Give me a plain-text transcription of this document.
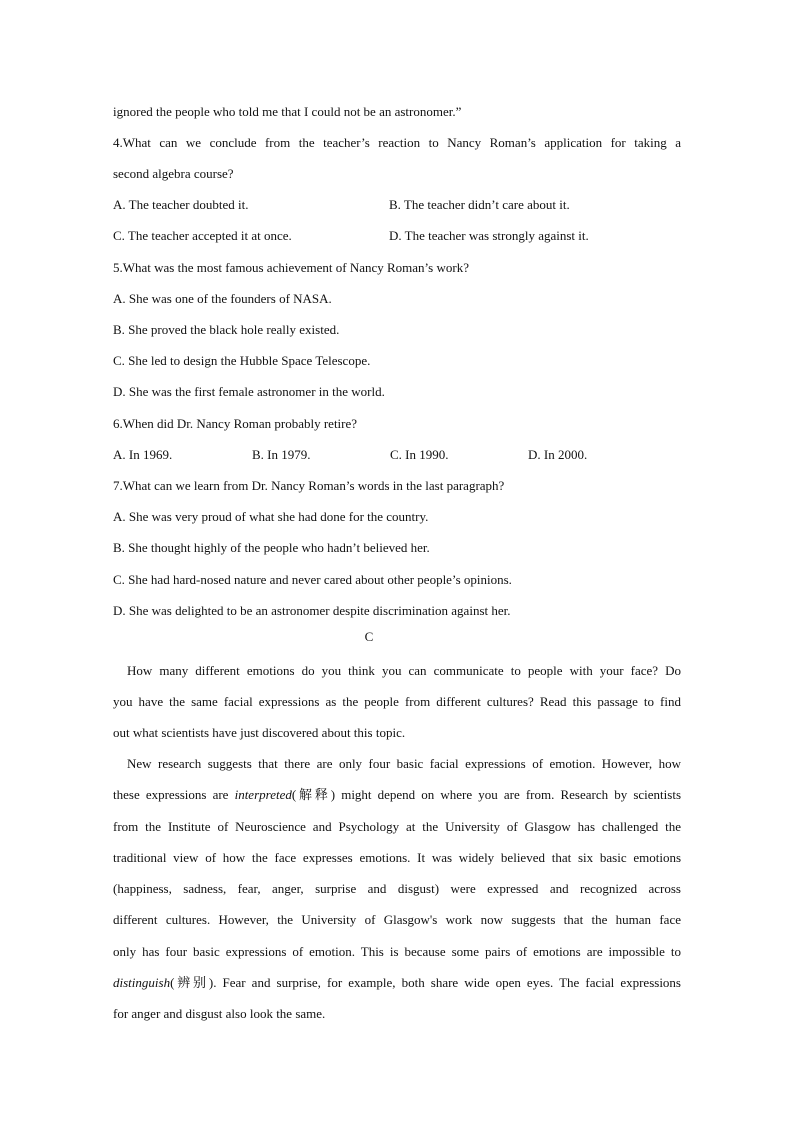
ignored the people who told me that I could not be an astronomer.”
4.What can we conclude from the teacher’s reaction to Nancy Roman’s application for taking a
second algebra course?
A. The teacher doubted it.	B. The teacher didn’t care about it.
C. The teacher accepted it at once.	D. The teacher was strongly against it.
5.What was the most famous achievement of Nancy Roman’s work?
A. She was one of the founders of NASA.
B. She proved the black hole really existed.
C. She led to design the Hubble Space Telescope.
D. She was the first female astronomer in the world.
6.When did Dr. Nancy Roman probably retire?
A. In 1969.	B. In 1979.	C. In 1990.	D. In 2000.
7.What can we learn from Dr. Nancy Roman’s words in the last paragraph?
A. She was very proud of what she had done for the country.
B. She thought highly of the people who hadn’t believed her.
C. She had hard-nosed nature and never cared about other people’s opinions.
D. She was delighted to be an astronomer despite discrimination against her.
C
How many different emotions do you think you can communicate to people with your face? Do
you have the same facial expressions as the people from different cultures? Read this passage to find
out what scientists have just discovered about this topic.
New research suggests that there are only four basic facial expressions of emotion. However, how
these expressions are interpreted(解释) might depend on where you are from. Research by scientists
from the Institute of Neuroscience and Psychology at the University of Glasgow has challenged the
traditional view of how the face expresses emotions. It was widely believed that six basic emotions
(happiness, sadness, fear, anger, surprise and disgust) were expressed and recognized across
different cultures. However, the University of Glasgow's work now suggests that the human face
only has four basic expressions of emotion. This is because some pairs of emotions are impossible to
distinguish(辨别). Fear and surprise, for example, both share wide open eyes. The facial expressions
for anger and disgust also look the same.
